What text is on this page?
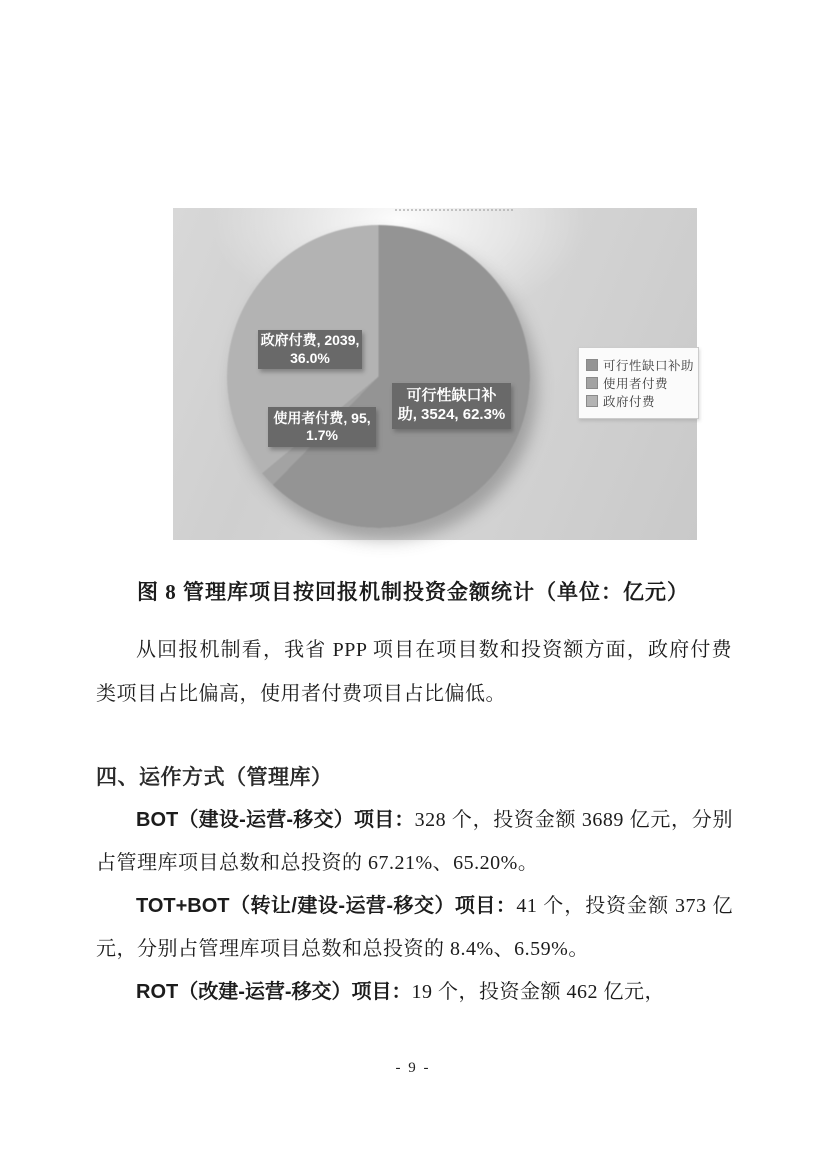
政府付费, 2039,
36.0%
可行性缺口补
助, 3524, 62.3%
使用者付费, 95,
1.7%
可行性缺口补助
使用者付费
政府付费
图 8 管理库项目按回报机制投资金额统计（单位：亿元）

从回报机制看，我省 PPP 项目在项目数和投资额方面，政府付费类项目占比偏高，使用者付费项目占比偏低。

四、运作方式（管理库）

BOT（建设-运营-移交）项目：328 个，投资金额 3689 亿元，分别占管理库项目总数和总投资的 67.21%、65.20%。

TOT+BOT（转让/建设-运营-移交）项目：41 个，投资金额 373 亿元，分别占管理库项目总数和总投资的 8.4%、6.59%。

ROT（改建-运营-移交）项目：19 个，投资金额 462 亿元，

- 9 -
